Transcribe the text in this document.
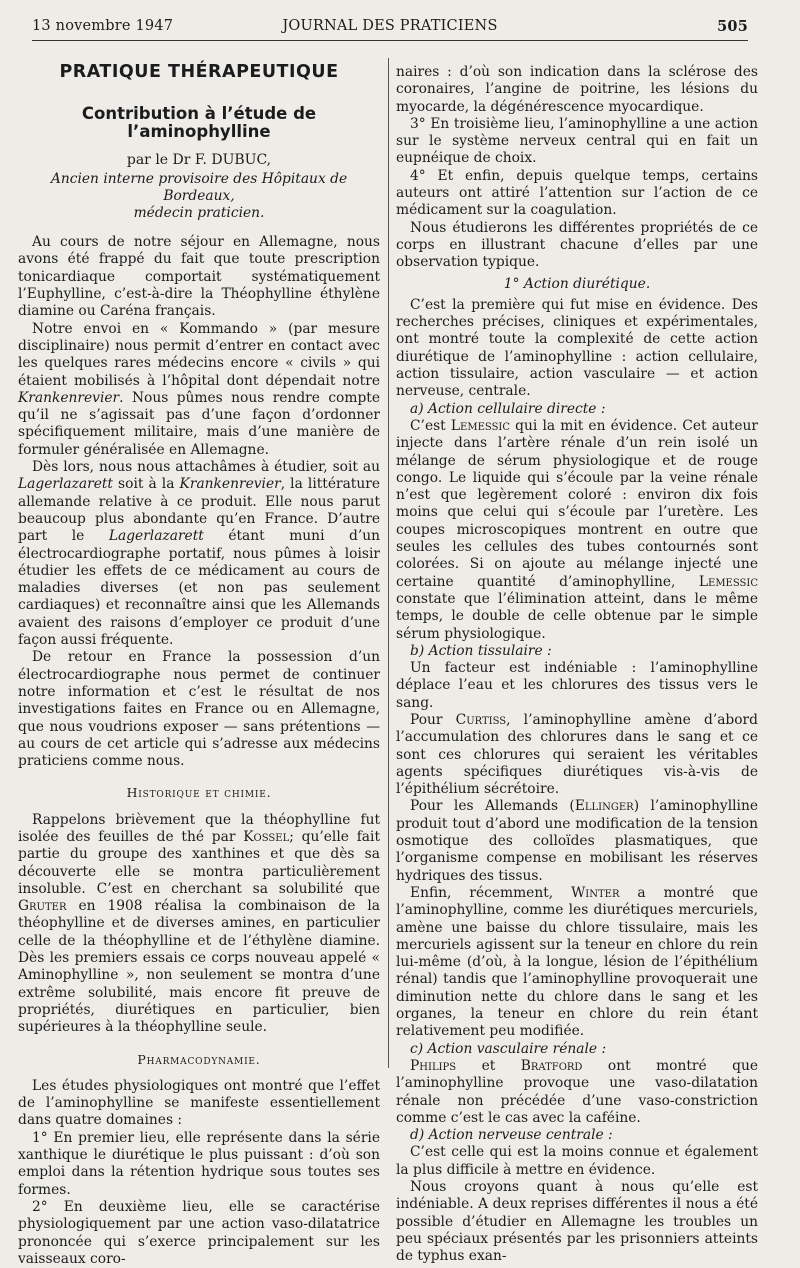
13 novembre 1947	JOURNAL DES PRATICIENS	505
PRATIQUE THÉRAPEUTIQUE
Contribution à l’étude de l’aminophylline
par le Dr F. DUBUC,
Ancien interne provisoire des Hôpitaux de Bordeaux,
médecin praticien.

Au cours de notre séjour en Allemagne, nous avons été frappé du fait que toute prescription tonicardiaque comportait systématiquement l’Euphylline, c’est-à-dire la Théophylline éthylène diamine ou Caréna français.

Notre envoi en « Kommando » (par mesure disciplinaire) nous permit d’entrer en contact avec les quelques rares médecins encore « civils » qui étaient mobilisés à l’hôpital dont dépendait notre Krankenrevier. Nous pûmes nous rendre compte qu’il ne s’agissait pas d’une façon d’ordonner spécifiquement militaire, mais d’une manière de formuler généralisée en Allemagne.

Dès lors, nous nous attachâmes à étudier, soit au Lagerlazarett soit à la Krankenrevier, la littérature allemande relative à ce produit. Elle nous parut beaucoup plus abondante qu’en France. D’autre part le Lagerlazarett étant muni d’un électrocardiographe portatif, nous pûmes à loisir étudier les effets de ce médicament au cours de maladies diverses (et non pas seulement cardiaques) et reconnaître ainsi que les Allemands avaient des raisons d’employer ce produit d’une façon aussi fréquente.

De retour en France la possession d’un électrocardiographe nous permet de continuer notre information et c’est le résultat de nos investigations faites en France ou en Allemagne, que nous voudrions exposer — sans prétentions — au cours de cet article qui s’adresse aux médecins praticiens comme nous.

Historique et chimie.

Rappelons brièvement que la théophylline fut isolée des feuilles de thé par Kossel; qu’elle fait partie du groupe des xanthines et que dès sa découverte elle se montra particulièrement insoluble. C’est en cherchant sa solubilité que Gruter en 1908 réalisa la combinaison de la théophylline et de diverses amines, en particulier celle de la théophylline et de l’éthylène diamine. Dès les premiers essais ce corps nouveau appelé « Aminophylline », non seulement se montra d’une extrême solubilité, mais encore fit preuve de propriétés, diurétiques en particulier, bien supérieures à la théophylline seule.

Pharmacodynamie.

Les études physiologiques ont montré que l’effet de l’aminophylline se manifeste essentiellement dans quatre domaines :

1° En premier lieu, elle représente dans la série xanthique le diurétique le plus puissant : d’où son emploi dans la rétention hydrique sous toutes ses formes.

2° En deuxième lieu, elle se caractérise physiologiquement par une action vaso-dilatatrice prononcée qui s’exerce principalement sur les vaisseaux coro-

naires : d’où son indication dans la sclérose des coronaires, l’angine de poitrine, les lésions du myocarde, la dégénérescence myocardique.

3° En troisième lieu, l’aminophylline a une action sur le système nerveux central qui en fait un eupnéique de choix.

4° Et enfin, depuis quelque temps, certains auteurs ont attiré l’attention sur l’action de ce médicament sur la coagulation.

Nous étudierons les différentes propriétés de ce corps en illustrant chacune d’elles par une observation typique.

1° Action diurétique.

C’est la première qui fut mise en évidence. Des recherches précises, cliniques et expérimentales, ont montré toute la complexité de cette action diurétique de l’aminophylline : action cellulaire, action tissulaire, action vasculaire — et action nerveuse, centrale.

a) Action cellulaire directe :

C’est Lemessic qui la mit en évidence. Cet auteur injecte dans l’artère rénale d’un rein isolé un mélange de sérum physiologique et de rouge congo. Le liquide qui s’écoule par la veine rénale n’est que legèrement coloré : environ dix fois moins que celui qui s’écoule par l’uretère. Les coupes microscopiques montrent en outre que seules les cellules des tubes contournés sont colorées. Si on ajoute au mélange injecté une certaine quantité d’aminophylline, Lemessic constate que l’élimination atteint, dans le même temps, le double de celle obtenue par le simple sérum physiologique.

b) Action tissulaire :

Un facteur est indéniable : l’aminophylline déplace l’eau et les chlorures des tissus vers le sang.

Pour Curtiss, l’aminophylline amène d’abord l’accumulation des chlorures dans le sang et ce sont ces chlorures qui seraient les véritables agents spécifiques diurétiques vis-à-vis de l’épithélium sécrétoire.

Pour les Allemands (Ellinger) l’aminophylline produit tout d’abord une modification de la tension osmotique des colloïdes plasmatiques, que l’organisme compense en mobilisant les réserves hydriques des tissus.

Enfin, récemment, Winter a montré que l’aminophylline, comme les diurétiques mercuriels, amène une baisse du chlore tissulaire, mais les mercuriels agissent sur la teneur en chlore du rein lui-même (d’où, à la longue, lésion de l’épithélium rénal) tandis que l’aminophylline provoquerait une diminution nette du chlore dans le sang et les organes, la teneur en chlore du rein étant relativement peu modifiée.

c) Action vasculaire rénale :

Philips et Bratford ont montré que l’aminophylline provoque une vaso-dilatation rénale non précédée d’une vaso-constriction comme c’est le cas avec la caféine.

d) Action nerveuse centrale :

C’est celle qui est la moins connue et également la plus difficile à mettre en évidence.

Nous croyons quant à nous qu’elle est indéniable. A deux reprises différentes il nous a été possible d’étudier en Allemagne les troubles un peu spéciaux présentés par les prisonniers atteints de typhus exan-
